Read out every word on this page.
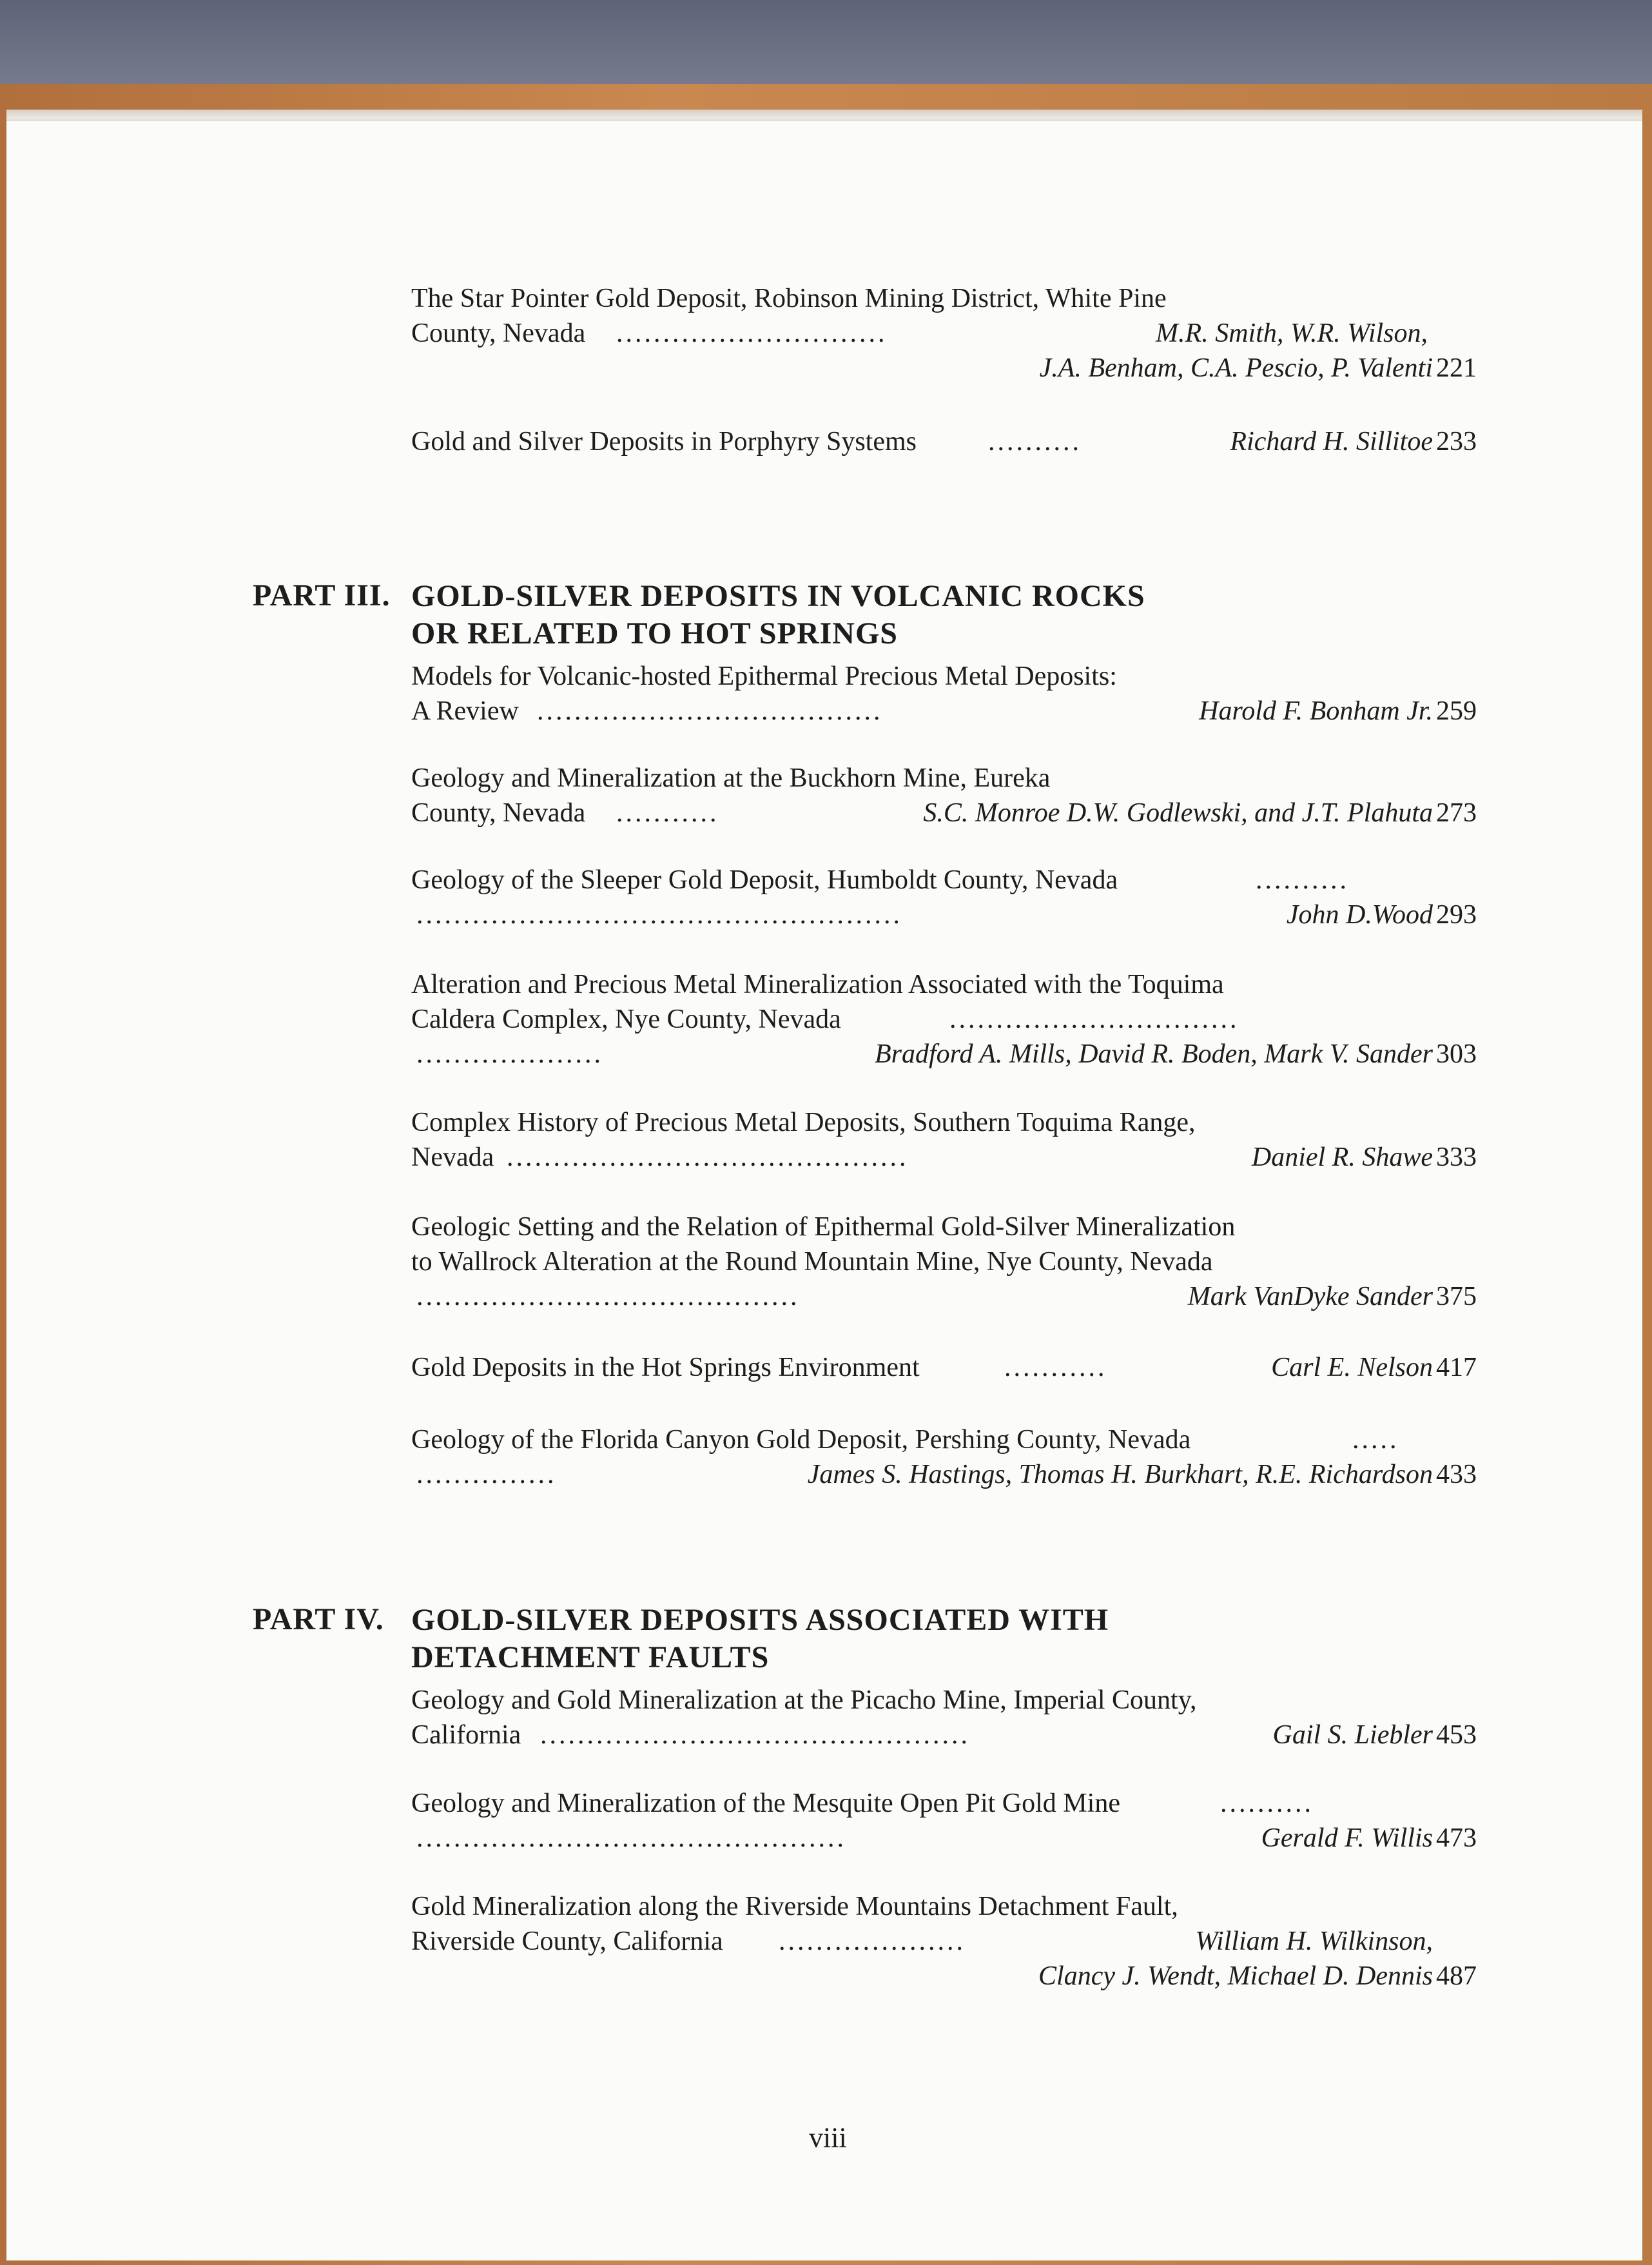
The Star Pointer Gold Deposit, Robinson Mining District, White Pine
County, Nevada .............................	M.R. Smith, W.R. Wilson,
J.A. Benham, C.A. Pescio, P. Valenti 221
Gold and Silver Deposits in Porphyry Systems	..........	Richard H. Sillitoe 233
PART III. GOLD-SILVER DEPOSITS IN VOLCANIC ROCKS
OR RELATED TO HOT SPRINGS
Models for Volcanic-hosted Epithermal Precious Metal Deposits:
A Review .....................................	Harold F. Bonham Jr. 259
Geology and Mineralization at the Buckhorn Mine, Eureka
County, Nevada ...........	S.C. Monroe D.W. Godlewski, and J.T. Plahuta 273
Geology of the Sleeper Gold Deposit, Humboldt County, Nevada	..........
....................................................	John D.Wood 293
Alteration and Precious Metal Mineralization Associated with the Toquima
Caldera Complex, Nye County, Nevada	...............................
....................	Bradford A. Mills, David R. Boden, Mark V. Sander 303
Complex History of Precious Metal Deposits, Southern Toquima Range,
Nevada ...........................................	Daniel R. Shawe 333
Geologic Setting and the Relation of Epithermal Gold-Silver Mineralization
to Wallrock Alteration at the Round Mountain Mine, Nye County, Nevada
.........................................	Mark VanDyke Sander 375
Gold Deposits in the Hot Springs Environment	...........	Carl E. Nelson 417
Geology of the Florida Canyon Gold Deposit, Pershing County, Nevada	.....
...............	James S. Hastings, Thomas H. Burkhart, R.E. Richardson 433
PART IV. GOLD-SILVER DEPOSITS ASSOCIATED WITH
DETACHMENT FAULTS
Geology and Gold Mineralization at the Picacho Mine, Imperial County,
California ..............................................	Gail S. Liebler 453
Geology and Mineralization of the Mesquite Open Pit Gold Mine	..........
..............................................	Gerald F. Willis 473
Gold Mineralization along the Riverside Mountains Detachment Fault,
Riverside County, California ....................	William H. Wilkinson,
Clancy J. Wendt, Michael D. Dennis 487
viii
